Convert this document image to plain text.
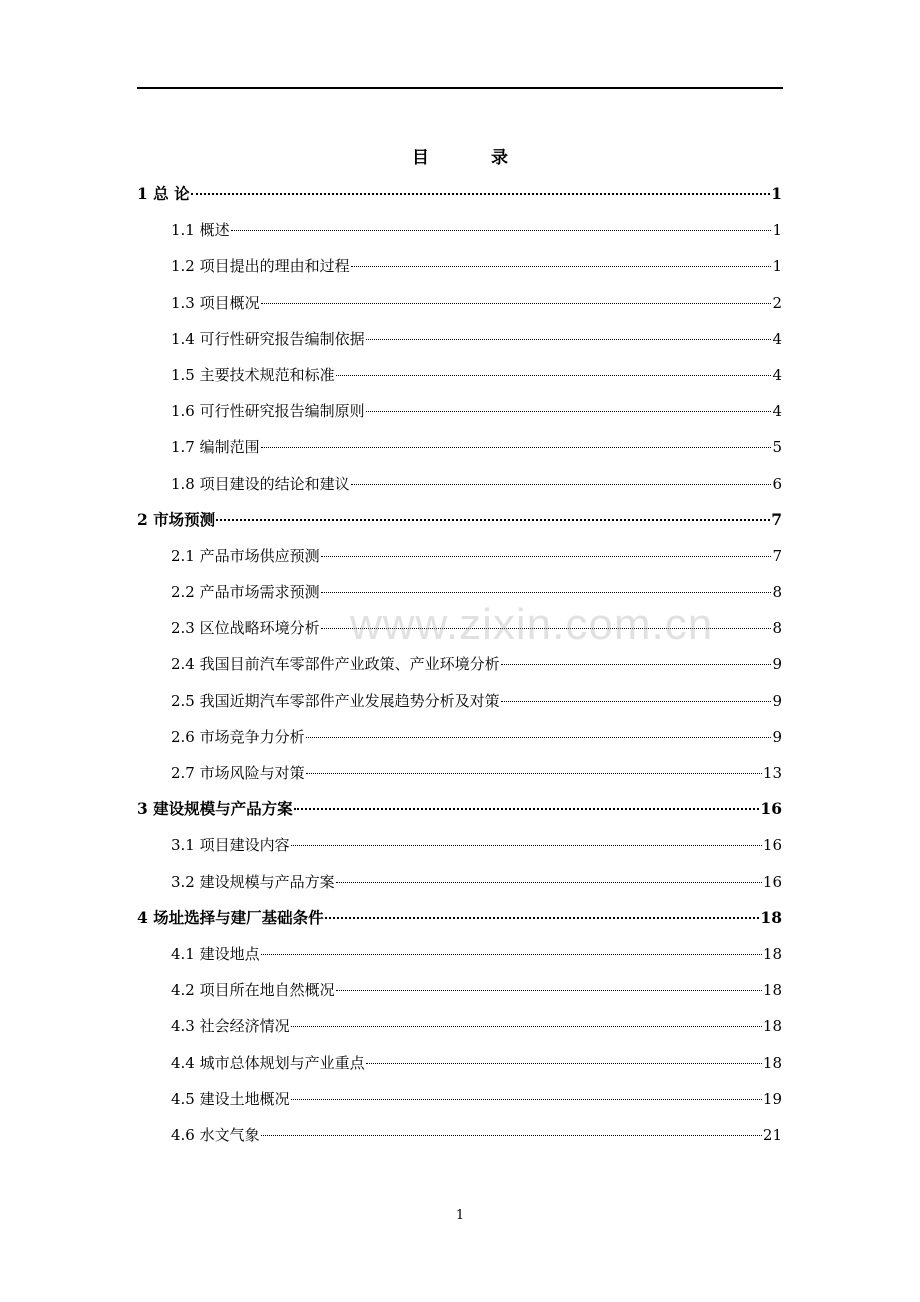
目	录
1 总 论	1
1.1 概述	1
1.2 项目提出的理由和过程	1
1.3 项目概况	2
1.4 可行性研究报告编制依据	4
1.5 主要技术规范和标准	4
1.6 可行性研究报告编制原则	4
1.7 编制范围	5
1.8 项目建设的结论和建议	6
2 市场预测	7
2.1 产品市场供应预测	7
2.2 产品市场需求预测	8
2.3 区位战略环境分析	8
2.4 我国目前汽车零部件产业政策、产业环境分析	9
2.5 我国近期汽车零部件产业发展趋势分析及对策	9
2.6 市场竞争力分析	9
2.7 市场风险与对策	13
3 建设规模与产品方案	16
3.1 项目建设内容	16
3.2 建设规模与产品方案	16
4 场址选择与建厂基础条件	18
4.1 建设地点	18
4.2 项目所在地自然概况	18
4.3 社会经济情况	18
4.4 城市总体规划与产业重点	18
4.5 建设土地概况	19
4.6 水文气象	21
www.zixin.com.cn
1
